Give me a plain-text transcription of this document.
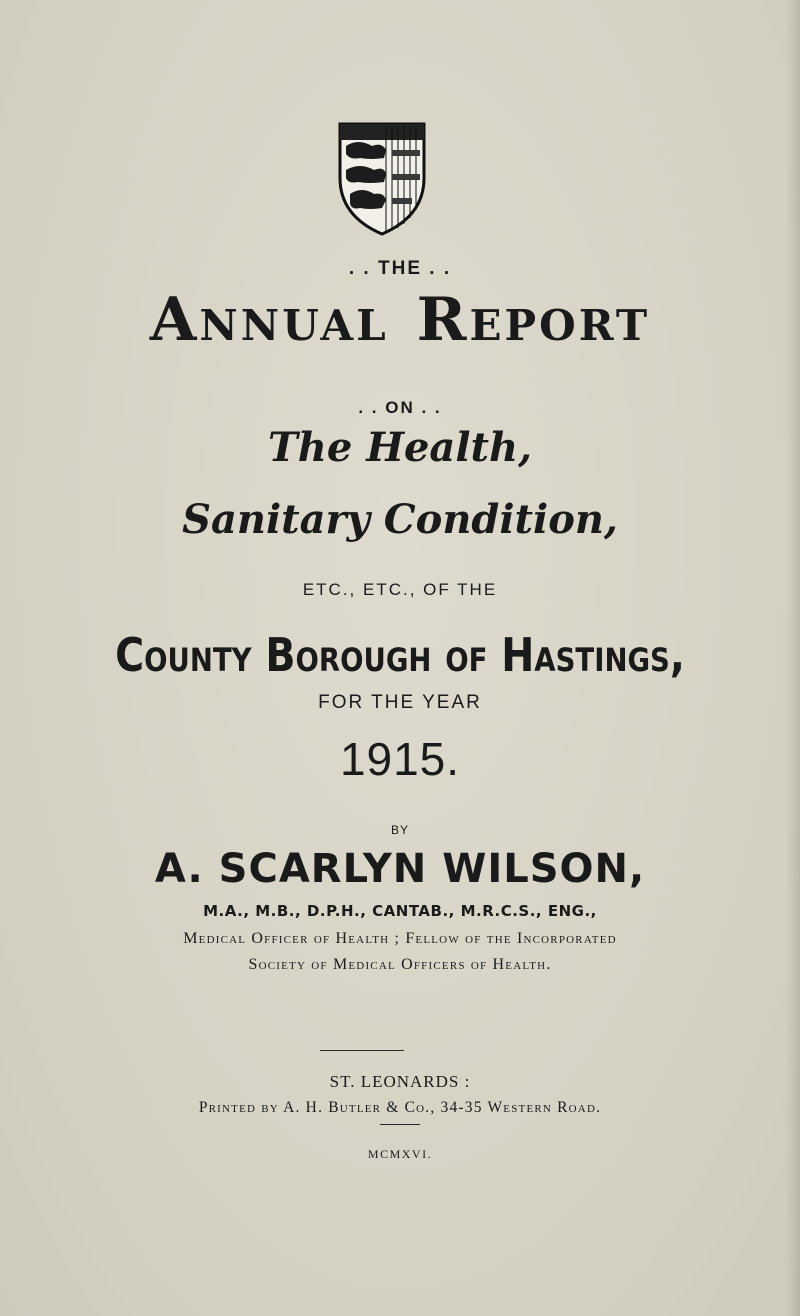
. . THE . .
Annual Report
. . ON . .
The Health,
Sanitary Condition,
ETC., ETC., OF THE
County Borough of Hastings,
FOR THE YEAR
1915.
BY
A. SCARLYN WILSON,
M.A., M.B., D.P.H., CANTAB., M.R.C.S., ENG.,
Medical Officer of Health ; Fellow of the Incorporated
Society of Medical Officers of Health.
ST. LEONARDS :
Printed by A. H. Butler & Co., 34-35 Western Road.
MCMXVI.
